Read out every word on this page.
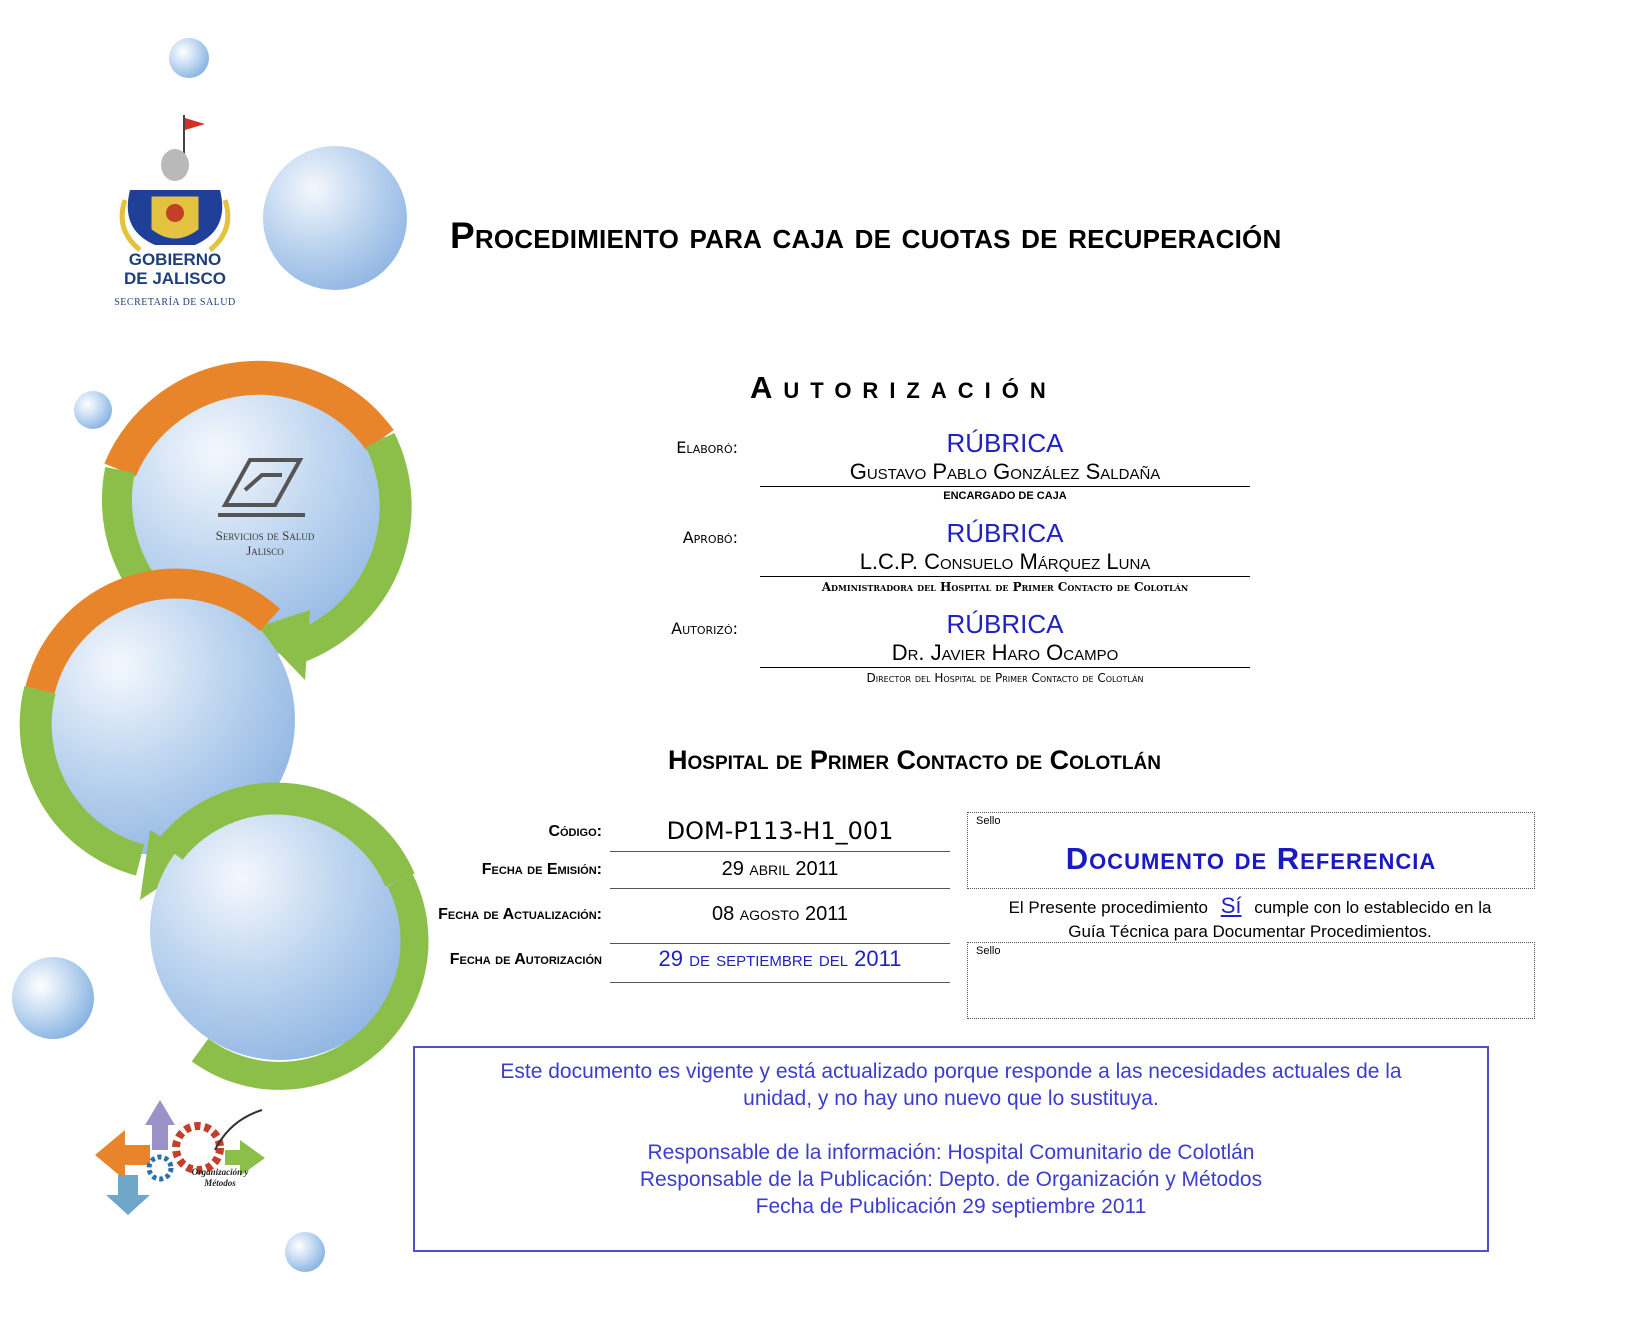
GOBIERNO
DE JALISCO
SECRETARÍA DE SALUD
Servicios de Salud
Jalisco
Organización y
Métodos
Procedimiento para caja de cuotas de recuperación
Autorización
Elaboró:	RÚBRICA
Gustavo Pablo González Saldaña
ENCARGADO DE CAJA
Aprobó:	RÚBRICA
L.C.P. Consuelo Márquez Luna
Administradora del Hospital de Primer Contacto de Colotlán
Autorizó:	RÚBRICA
Dr. Javier Haro Ocampo
Director del Hospital de Primer Contacto de Colotlán
Hospital de Primer Contacto de Colotlán
Código:	DOM-P113-H1_001
Fecha de Emisión:	29 abril 2011
Fecha de Actualización:	08 agosto 2011
Fecha de Autorización	29 de septiembre del 2011
Sello
Documento de Referencia
El Presente procedimiento Sí cumple con lo establecido en la
Guía Técnica para Documentar Procedimientos.
Sello
Este documento es vigente y está actualizado porque responde a las necesidades actuales de la
unidad, y no hay uno nuevo que lo sustituya.
Responsable de la información: Hospital Comunitario de Colotlán
Responsable de la Publicación: Depto. de Organización y Métodos
Fecha de Publicación 29 septiembre 2011
